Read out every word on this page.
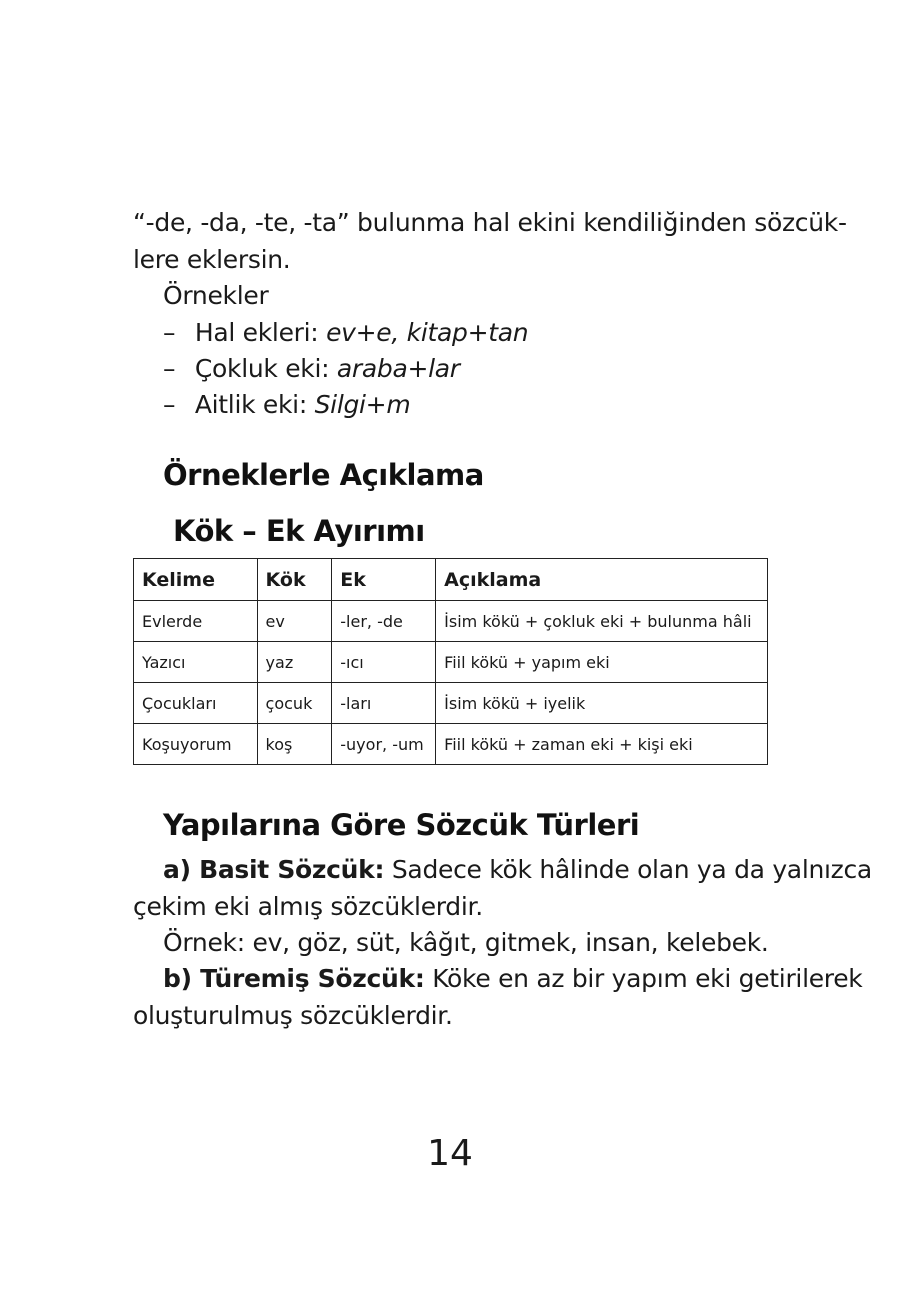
“-de, -da, -te, -ta” bulunma hal ekini kendiliğinden sözcük-
lere eklersin.
Örnekler
– Hal ekleri: ev+e, kitap+tan
– Çokluk eki: araba+lar
– Aitlik eki: Silgi+m
Örneklerle Açıklama
Kök – Ek Ayırımı
Kelime	Kök	Ek	Açıklama
Evlerde	ev	-ler, -de	İsim kökü + çokluk eki + bulunma hâli
Yazıcı	yaz	-ıcı	Fiil kökü + yapım eki
Çocukları	çocuk	-ları	İsim kökü + iyelik
Koşuyorum	koş	-uyor, -um	Fiil kökü + zaman eki + kişi eki
Yapılarına Göre Sözcük Türleri
a) Basit Sözcük: Sadece kök hâlinde olan ya da yalnızca
çekim eki almış sözcüklerdir.
Örnek: ev, göz, süt, kâğıt, gitmek, insan, kelebek.
b) Türemiş Sözcük: Köke en az bir yapım eki getirilerek
oluşturulmuş sözcüklerdir.
14
